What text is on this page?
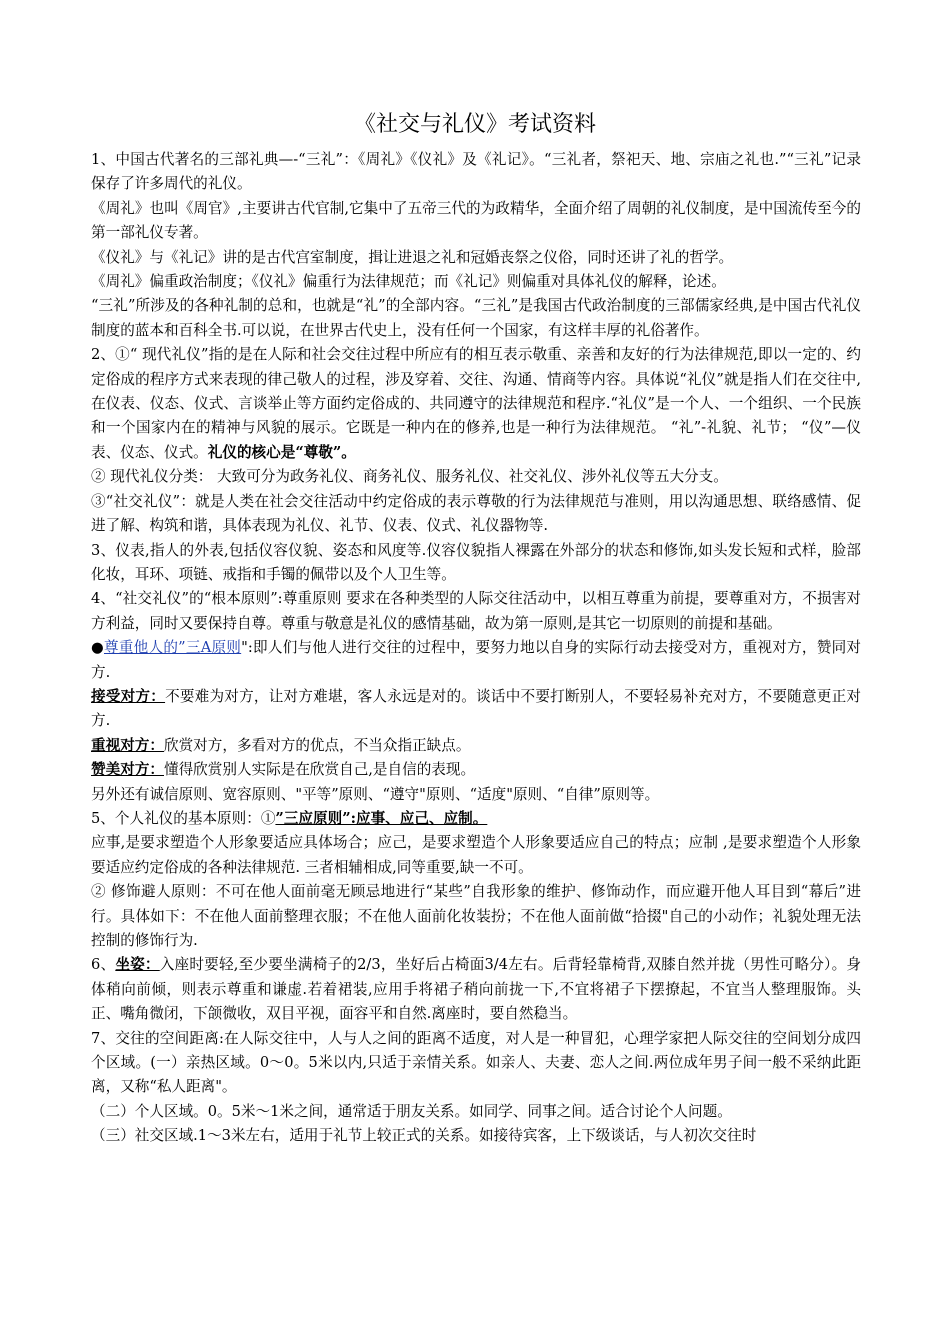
《社交与礼仪》考试资料

1、中国古代著名的三部礼典—-“三礼”：《周礼》《仪礼》及《礼记》。“三礼者，祭祀天、地、宗庙之礼也.”“三礼”记录保存了许多周代的礼仪。

《周礼》也叫《周官》,主要讲古代官制,它集中了五帝三代的为政精华，全面介绍了周朝的礼仪制度，是中国流传至今的第一部礼仪专著。

《仪礼》与《礼记》讲的是古代宫室制度，揖让进退之礼和冠婚丧祭之仪俗，同时还讲了礼的哲学。

《周礼》偏重政治制度；《仪礼》偏重行为法律规范；而《礼记》则偏重对具体礼仪的解释，论述。

“三礼”所涉及的各种礼制的总和，也就是“礼”的全部内容。“三礼”是我国古代政治制度的三部儒家经典,是中国古代礼仪制度的蓝本和百科全书.可以说，在世界古代史上，没有任何一个国家，有这样丰厚的礼俗著作。

2、①“ 现代礼仪”指的是在人际和社会交往过程中所应有的相互表示敬重、亲善和友好的行为法律规范,即以一定的、约定俗成的程序方式来表现的律己敬人的过程，涉及穿着、交往、沟通、情商等内容。具体说“礼仪”就是指人们在交往中,在仪表、仪态、仪式、言谈举止等方面约定俗成的、共同遵守的法律规范和程序.“礼仪”是一个人、一个组织、一个民族和一个国家内在的精神与风貌的展示。它既是一种内在的修养,也是一种行为法律规范。 “礼”-礼貌、礼节； “仪”—仪表、仪态、仪式。礼仪的核心是“尊敬”。

② 现代礼仪分类： 大致可分为政务礼仪、商务礼仪、服务礼仪、社交礼仪、涉外礼仪等五大分支。

③“社交礼仪”：就是人类在社会交往活动中约定俗成的表示尊敬的行为法律规范与准则，用以沟通思想、联络感情、促进了解、构筑和谐，具体表现为礼仪、礼节、仪表、仪式、礼仪器物等.

3、仪表,指人的外表,包括仪容仪貌、姿态和风度等.仪容仪貌指人裸露在外部分的状态和修饰,如头发长短和式样，脸部化妆，耳环、项链、戒指和手镯的佩带以及个人卫生等。

4、“社交礼仪”的“根本原则”:尊重原则 要求在各种类型的人际交往活动中，以相互尊重为前提，要尊重对方，不损害对方利益，同时又要保持自尊。尊重与敬意是礼仪的感情基础，故为第一原则,是其它一切原则的前提和基础。

●尊重他人的”三A原则":即人们与他人进行交往的过程中，要努力地以自身的实际行动去接受对方，重视对方，赞同对方.

接受对方：不要难为对方，让对方难堪，客人永远是对的。谈话中不要打断别人，不要轻易补充对方，不要随意更正对方.

重视对方：欣赏对方，多看对方的优点，不当众指正缺点。

赞美对方：懂得欣赏别人实际是在欣赏自己,是自信的表现。

另外还有诚信原则、宽容原则、"平等”原则、“遵守"原则、“适度"原则、“自律”原则等。

5、个人礼仪的基本原则：①”三应原则”:应事、应己、应制。

应事,是要求塑造个人形象要适应具体场合；应己，是要求塑造个人形象要适应自己的特点；应制 ,是要求塑造个人形象要适应约定俗成的各种法律规范. 三者相辅相成,同等重要,缺一不可。

② 修饰避人原则：不可在他人面前毫无顾忌地进行“某些”自我形象的维护、修饰动作，而应避开他人耳目到“幕后”进行。具体如下：不在他人面前整理衣服；不在他人面前化妆装扮；不在他人面前做“拾掇"自己的小动作；礼貌处理无法控制的修饰行为.

6、坐姿：入座时要轻,至少要坐满椅子的2/3，坐好后占椅面3/4左右。后背轻靠椅背,双膝自然并拢（男性可略分）。身体稍向前倾，则表示尊重和谦虚.若着裙装,应用手将裙子稍向前拢一下,不宜将裙子下摆撩起，不宜当人整理服饰。头正、嘴角微闭，下颌微收，双目平视，面容平和自然.离座时，要自然稳当。

7、交往的空间距离:在人际交往中，人与人之间的距离不适度，对人是一种冒犯，心理学家把人际交往的空间划分成四个区域。(一）亲热区域。0～0。5米以内,只适于亲情关系。如亲人、夫妻、恋人之间.两位成年男子间一般不采纳此距离，又称“私人距离"。

（二）个人区域。0。5米～1米之间，通常适于朋友关系。如同学、同事之间。适合讨论个人问题。

（三）社交区域.1～3米左右，适用于礼节上较正式的关系。如接待宾客，上下级谈话，与人初次交往时
